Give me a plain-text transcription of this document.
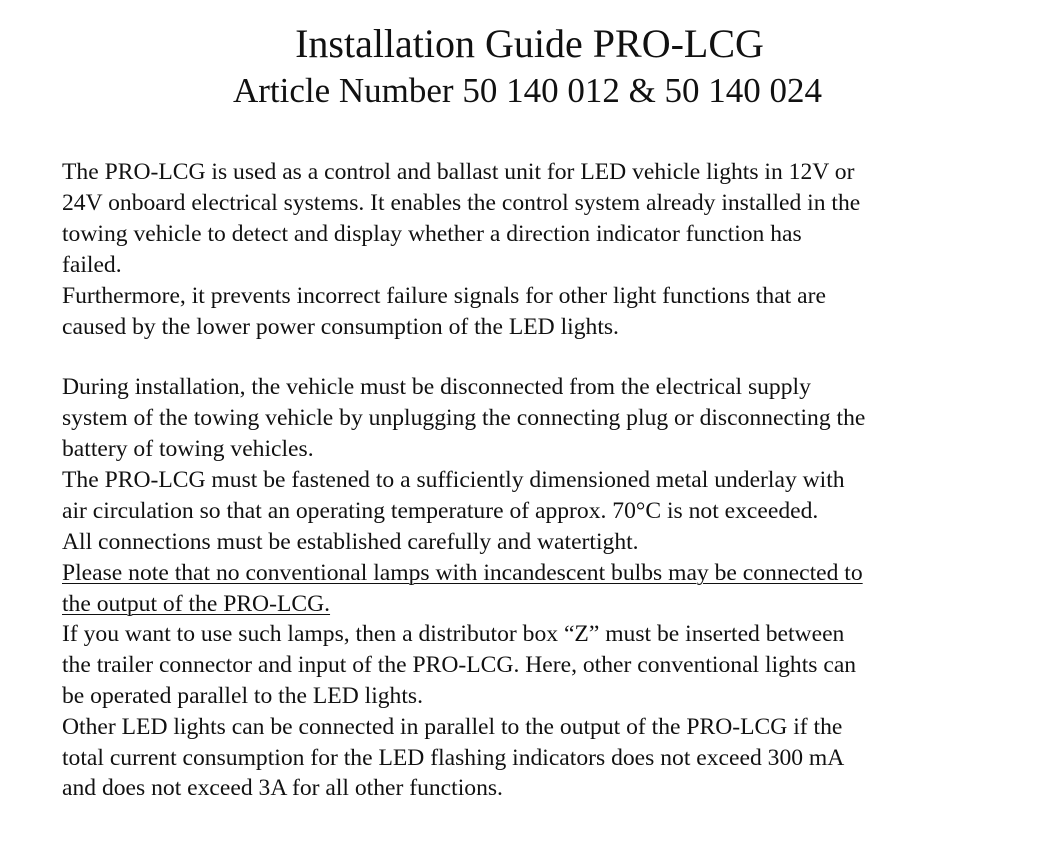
Installation Guide PRO-LCG
Article Number 50 140 012 & 50 140 024

The PRO-LCG is used as a control and ballast unit for LED vehicle lights in 12V or

24V onboard electrical systems. It enables the control system already installed in the

towing vehicle to detect and display whether a direction indicator function has

failed.

Furthermore, it prevents incorrect failure signals for other light functions that are

caused by the lower power consumption of the LED lights.

During installation, the vehicle must be disconnected from the electrical supply

system of the towing vehicle by unplugging the connecting plug or disconnecting the

battery of towing vehicles.

The PRO-LCG must be fastened to a sufficiently dimensioned metal underlay with

air circulation so that an operating temperature of approx. 70°C is not exceeded.

All connections must be established carefully and watertight.

Please note that no conventional lamps with incandescent bulbs may be connected to

the output of the PRO-LCG.

If you want to use such lamps, then a distributor box “Z” must be inserted between

the trailer connector and input of the PRO-LCG. Here, other conventional lights can

be operated parallel to the LED lights.

Other LED lights can be connected in parallel to the output of the PRO-LCG if the

total current consumption for the LED flashing indicators does not exceed 300 mA

and does not exceed 3A for all other functions.
